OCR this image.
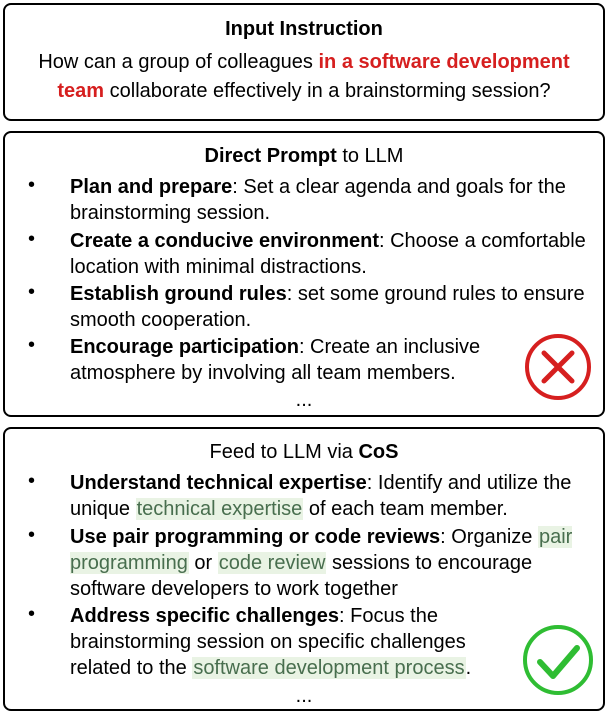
Input Instruction
How can a group of colleagues in a software development
team collaborate effectively in a brainstorming session?
Direct Prompt to LLM
• Plan and prepare: Set a clear agenda and goals for the brainstorming session.
• Create a conducive environment: Choose a comfortable location with minimal distractions.
• Establish ground rules: set some ground rules to ensure smooth cooperation.
• Encourage participation: Create an inclusive atmosphere by involving all team members.
...
Feed to LLM via CoS
• Understand technical expertise: Identify and utilize the unique technical expertise of each team member.
• Use pair programming or code reviews: Organize pair programming or code review sessions to encourage software developers to work together
• Address specific challenges: Focus the brainstorming session on specific challenges related to the software development process.
...
